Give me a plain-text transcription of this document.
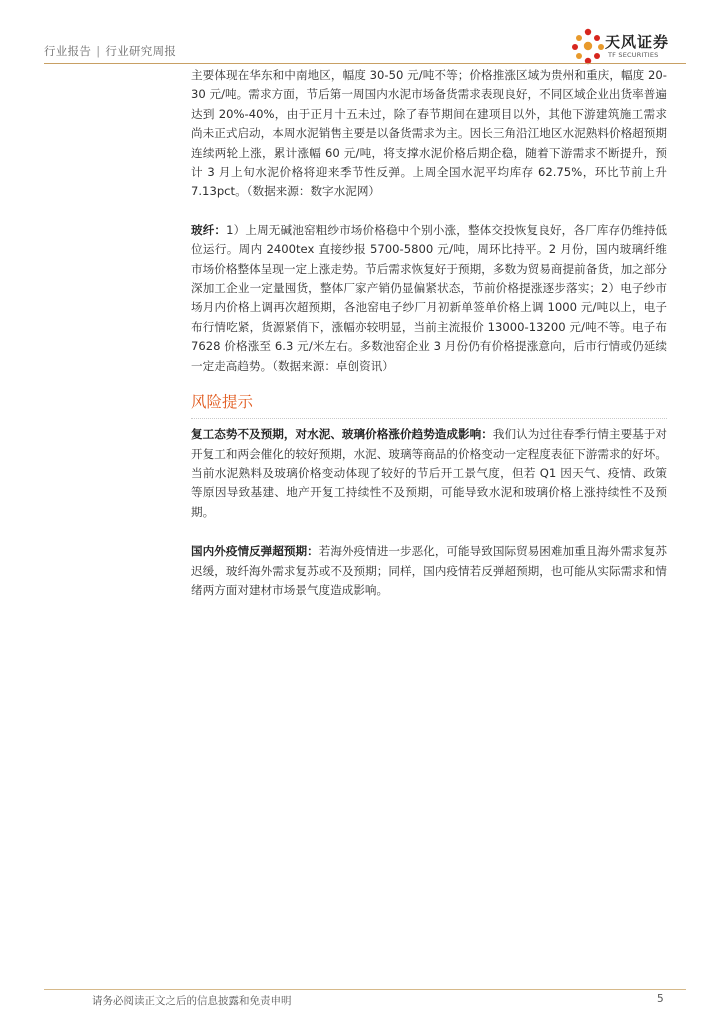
行业报告 | 行业研究周报	天风证券
TF SECURITIES

主要体现在华东和中南地区，幅度 30-50 元/吨不等；价格推涨区域为贵州和重庆，幅度 20-30 元/吨。需求方面，节后第一周国内水泥市场备货需求表现良好，不同区域企业出货率普遍达到 20%-40%，由于正月十五未过，除了春节期间在建项目以外，其他下游建筑施工需求尚未正式启动，本周水泥销售主要是以备货需求为主。因长三角沿江地区水泥熟料价格超预期连续两轮上涨，累计涨幅 60 元/吨，将支撑水泥价格后期企稳，随着下游需求不断提升，预计 3 月上旬水泥价格将迎来季节性反弹。上周全国水泥平均库存 62.75%，环比节前上升 7.13pct。（数据来源：数字水泥网）

玻纤：1）上周无碱池窑粗纱市场价格稳中个别小涨，整体交投恢复良好，各厂库存仍维持低位运行。周内 2400tex 直接纱报 5700-5800 元/吨，周环比持平。2 月份，国内玻璃纤维市场价格整体呈现一定上涨走势。节后需求恢复好于预期，多数为贸易商提前备货，加之部分深加工企业一定量囤货，整体厂家产销仍显偏紧状态，节前价格提涨逐步落实；2）电子纱市场月内价格上调再次超预期，各池窑电子纱厂月初新单签单价格上调 1000 元/吨以上，电子布行情吃紧，货源紧俏下，涨幅亦较明显，当前主流报价 13000-13200 元/吨不等。电子布 7628 价格涨至 6.3 元/米左右。多数池窑企业 3 月份仍有价格提涨意向，后市行情或仍延续一定走高趋势。（数据来源：卓创资讯）

风险提示

复工态势不及预期，对水泥、玻璃价格涨价趋势造成影响：我们认为过往春季行情主要基于对开复工和两会催化的较好预期，水泥、玻璃等商品的价格变动一定程度表征下游需求的好坏。当前水泥熟料及玻璃价格变动体现了较好的节后开工景气度，但若 Q1 因天气、疫情、政策等原因导致基建、地产开复工持续性不及预期，可能导致水泥和玻璃价格上涨持续性不及预期。

国内外疫情反弹超预期：若海外疫情进一步恶化，可能导致国际贸易困难加重且海外需求复苏迟缓，玻纤海外需求复苏或不及预期；同样，国内疫情若反弹超预期，也可能从实际需求和情绪两方面对建材市场景气度造成影响。

请务必阅读正文之后的信息披露和免责申明	5
